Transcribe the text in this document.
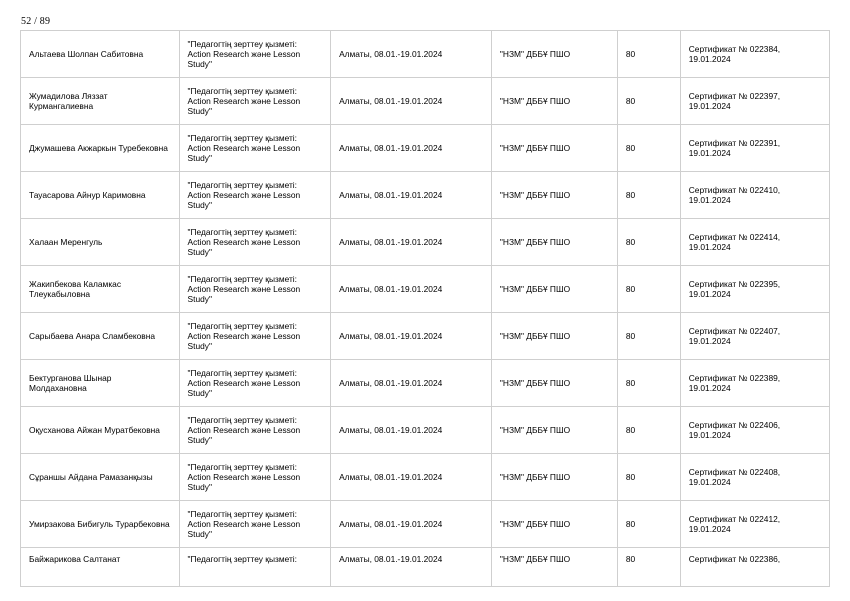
52 / 89
Альтаева Шолпан Сабитовна	"Педагогтің зерттеу қызметі: Action Research және Lesson Study"	Алматы, 08.01.-19.01.2024	"НЗМ" ДББҰ ПШО	80	Сертификат № 022384, 19.01.2024
Жумадилова Ляззат Курмангалиевна	"Педагогтің зерттеу қызметі: Action Research және Lesson Study"	Алматы, 08.01.-19.01.2024	"НЗМ" ДББҰ ПШО	80	Сертификат № 022397, 19.01.2024
Джумашева Акжаркын Туребековна	"Педагогтің зерттеу қызметі: Action Research және Lesson Study"	Алматы, 08.01.-19.01.2024	"НЗМ" ДББҰ ПШО	80	Сертификат № 022391, 19.01.2024
Тауасарова Айнур Каримовна	"Педагогтің зерттеу қызметі: Action Research және Lesson Study"	Алматы, 08.01.-19.01.2024	"НЗМ" ДББҰ ПШО	80	Сертификат № 022410, 19.01.2024
Халаан Меренгуль	"Педагогтің зерттеу қызметі: Action Research және Lesson Study"	Алматы, 08.01.-19.01.2024	"НЗМ" ДББҰ ПШО	80	Сертификат № 022414, 19.01.2024
Жакипбекова Каламкас Тлеукабыловна	"Педагогтің зерттеу қызметі: Action Research және Lesson Study"	Алматы, 08.01.-19.01.2024	"НЗМ" ДББҰ ПШО	80	Сертификат № 022395, 19.01.2024
Сарыбаева Анара Сламбековна	"Педагогтің зерттеу қызметі: Action Research және Lesson Study"	Алматы, 08.01.-19.01.2024	"НЗМ" ДББҰ ПШО	80	Сертификат № 022407, 19.01.2024
Бектурганова Шынар Молдахановна	"Педагогтің зерттеу қызметі: Action Research және Lesson Study"	Алматы, 08.01.-19.01.2024	"НЗМ" ДББҰ ПШО	80	Сертификат № 022389, 19.01.2024
Оқусханова Айжан Муратбековна	"Педагогтің зерттеу қызметі: Action Research және Lesson Study"	Алматы, 08.01.-19.01.2024	"НЗМ" ДББҰ ПШО	80	Сертификат № 022406, 19.01.2024
Сұраншы Айдана Рамазанқызы	"Педагогтің зерттеу қызметі: Action Research және Lesson Study"	Алматы, 08.01.-19.01.2024	"НЗМ" ДББҰ ПШО	80	Сертификат № 022408, 19.01.2024
Умирзакова Бибигуль Турарбековна	"Педагогтің зерттеу қызметі: Action Research және Lesson Study"	Алматы, 08.01.-19.01.2024	"НЗМ" ДББҰ ПШО	80	Сертификат № 022412, 19.01.2024
Байжарикова Салтанат	"Педагогтің зерттеу қызметі:	Алматы, 08.01.-19.01.2024	"НЗМ" ДББҰ ПШО	80	Сертификат № 022386,
